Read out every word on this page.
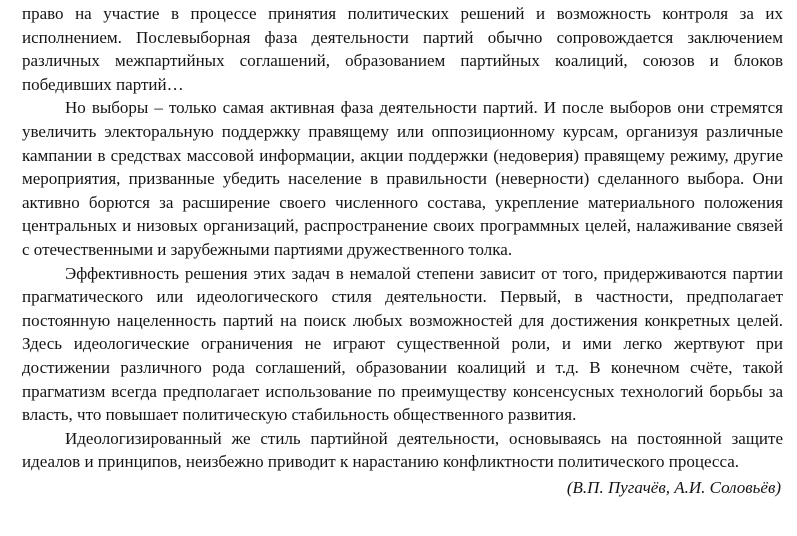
право на участие в процессе принятия политических решений и возможность контроля за их исполнением. Послевыборная фаза деятельности партий обычно сопровождается заключением различных межпартийных соглашений, образованием партийных коалиций, союзов и блоков победивших партий…

Но выборы – только самая активная фаза деятельности партий. И после выборов они стремятся увеличить электоральную поддержку правящему или оппозиционному курсам, организуя различные кампании в средствах массовой информации, акции поддержки (недоверия) правящему режиму, другие мероприятия, призванные убедить население в правильности (неверности) сделанного выбора. Они активно борются за расширение своего численного состава, укрепление материального положения центральных и низовых организаций, распространение своих программных целей, налаживание связей с отечественными и зарубежными партиями дружественного толка.

Эффективность решения этих задач в немалой степени зависит от того, придерживаются партии прагматического или идеологического стиля деятельности. Первый, в частности, предполагает постоянную нацеленность партий на поиск любых возможностей для достижения конкретных целей. Здесь идеологические ограничения не играют существенной роли, и ими легко жертвуют при достижении различного рода соглашений, образовании коалиций и т.д. В конечном счёте, такой прагматизм всегда предполагает использование по преимуществу консенсусных технологий борьбы за власть, что повышает политическую стабильность общественного развития.

Идеологизированный же стиль партийной деятельности, основываясь на постоянной защите идеалов и принципов, неизбежно приводит к нарастанию конфликтности политического процесса.

(В.П. Пугачёв, А.И. Соловьёв)
